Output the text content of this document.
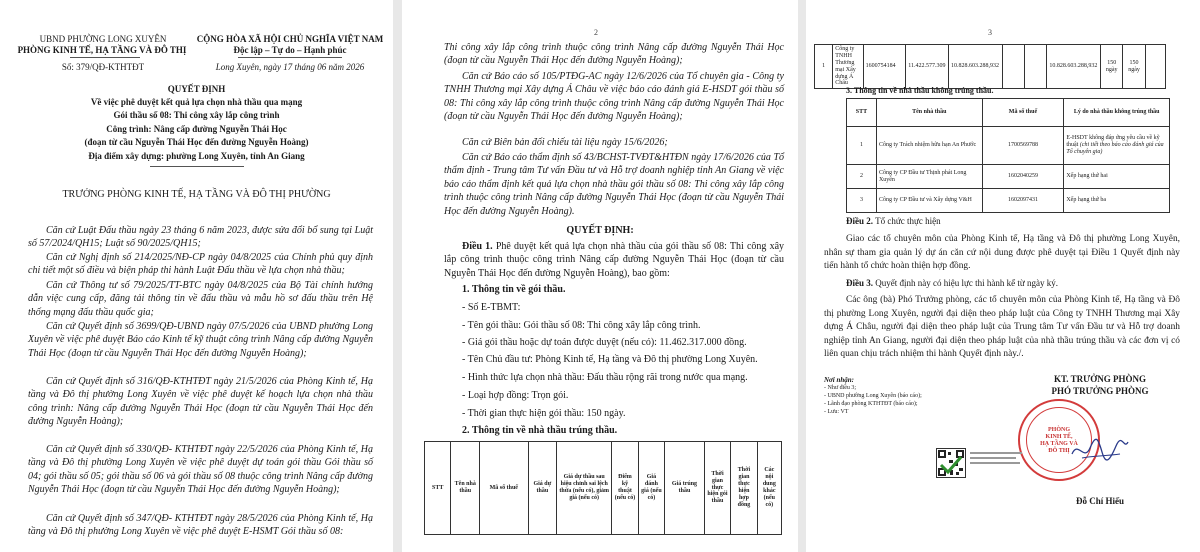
UBND PHƯỜNG LONG XUYÊN
PHÒNG KINH TẾ, HẠ TẦNG VÀ ĐÔ THỊ
Số: 379/QĐ-KTHTĐT
CỘNG HÒA XÃ HỘI CHỦ NGHĨA VIỆT NAM
Độc lập – Tự do – Hạnh phúc
Long Xuyên, ngày 17 tháng 06 năm 2026
QUYẾT ĐỊNH
Về việc phê duyệt kết quả lựa chọn nhà thầu qua mạng
Gói thầu số 08: Thi công xây lắp công trình
Công trình: Nâng cấp đường Nguyễn Thái Học
(đoạn từ cầu Nguyễn Thái Học đến đường Nguyễn Hoàng)
Địa điểm xây dựng: phường Long Xuyên, tỉnh An Giang
TRƯỞNG PHÒNG KINH TẾ, HẠ TẦNG VÀ ĐÔ THỊ PHƯỜNG
Căn cứ Luật Đấu thầu ngày 23 tháng 6 năm 2023, được sửa đổi bổ sung tại Luật số 57/2024/QH15; Luật số 90/2025/QH15;
Căn cứ Nghị định số 214/2025/NĐ-CP ngày 04/8/2025 của Chính phủ quy định chi tiết một số điều và biện pháp thi hành Luật Đấu thầu về lựa chọn nhà thầu;
Căn cứ Thông tư số 79/2025/TT-BTC ngày 04/8/2025 của Bộ Tài chính hướng dẫn việc cung cấp, đăng tải thông tin về đấu thầu và mẫu hồ sơ đấu thầu trên Hệ thống mạng đấu thầu quốc gia;
Căn cứ Quyết định số 3699/QĐ-UBND ngày 07/5/2026 của UBND phường Long Xuyên về việc phê duyệt Báo cáo Kinh tế kỹ thuật công trình Nâng cấp đường Nguyễn Thái Học (đoạn từ cầu Nguyễn Thái Học đến đường Nguyễn Hoàng);
Căn cứ Quyết định số 316/QĐ-KTHTĐT ngày 21/5/2026 của Phòng Kinh tế, Hạ tầng và Đô thị phường Long Xuyên về việc phê duyệt kế hoạch lựa chọn nhà thầu công trình: Nâng cấp đường Nguyễn Thái Học (đoạn từ cầu Nguyễn Thái Học đến đường Nguyễn Hoàng);
Căn cứ Quyết định số 330/QĐ- KTHTĐT ngày 22/5/2026 của Phòng Kinh tế, Hạ tầng và Đô thị phường Long Xuyên về việc phê duyệt dự toán gói thầu Gói thầu số 04; gói thầu số 05; gói thầu số 06 và gói thầu số 08 thuộc công trình Nâng cấp đường Nguyễn Thái Học (đoạn từ cầu Nguyễn Thái Học đến đường Nguyễn Hoàng);
Căn cứ Quyết định số 347/QĐ- KTHTĐT ngày 28/5/2026 của Phòng Kinh tế, Hạ tầng và Đô thị phường Long Xuyên về việc phê duyệt E-HSMT Gói thầu số 08:
2
Thi công xây lắp công trình thuộc công trình Nâng cấp đường Nguyễn Thái Học (đoạn từ cầu Nguyễn Thái Học đến đường Nguyễn Hoàng);
Căn cứ Báo cáo số 105/PTĐG-AC ngày 12/6/2026 của Tổ chuyên gia - Công ty TNHH Thương mại Xây dựng Á Châu về việc báo cáo đánh giá E-HSDT gói thầu số 08: Thi công xây lắp công trình thuộc công trình Nâng cấp đường Nguyễn Thái Học (đoạn từ cầu Nguyễn Thái Học đến đường Nguyễn Hoàng);
Căn cứ Biên bản đối chiếu tài liệu ngày 15/6/2026;
Căn cứ Báo cáo thẩm định số 43/BCHST-TVĐT&HTĐN ngày 17/6/2026 của Tổ thẩm định - Trung tâm Tư vấn Đầu tư và Hỗ trợ doanh nghiệp tỉnh An Giang về việc báo cáo thẩm định kết quả lựa chọn nhà thầu gói thầu số 08: Thi công xây lắp công trình thuộc công trình Nâng cấp đường Nguyễn Thái Học (đoạn từ cầu Nguyễn Thái Học đến đường Nguyễn Hoàng).
QUYẾT ĐỊNH:
Điều 1. Phê duyệt kết quả lựa chọn nhà thầu của gói thầu số 08: Thi công xây lắp công trình thuộc công trình Nâng cấp đường Nguyễn Thái Học (đoạn từ cầu Nguyễn Thái Học đến đường Nguyễn Hoàng), bao gồm:
1. Thông tin về gói thầu.
- Số E-TBMT:
- Tên gói thầu: Gói thầu số 08: Thi công xây lắp công trình.
- Giá gói thầu hoặc dự toán được duyệt (nếu có): 11.462.317.000 đồng.
- Tên Chủ đầu tư: Phòng Kinh tế, Hạ tầng và Đô thị phường Long Xuyên.
- Hình thức lựa chọn nhà thầu: Đấu thầu rộng rãi trong nước qua mạng.
- Loại hợp đồng: Trọn gói.
- Thời gian thực hiện gói thầu: 150 ngày.
2. Thông tin về nhà thầu trúng thầu.
STT	Tên nhà thầu	Mã số thuế	Giá dự thầu	Giá dự thầu sau hiệu chỉnh sai lệch thừa (nếu có), giảm giá (nếu có)	Điểm kỹ thuật (nếu có)	Giá đánh giá (nếu có)	Giá trúng thầu	Thời gian thực hiện gói thầu	Thời gian thực hiện hợp đồng	Các nội dung khác (nếu có)
3
1	Công ty TNHH Thương mại Xây dựng Á Châu	1600754184	11.422.577.309	10.828.603.288,932			10.828.603.288,932	150 ngày	150 ngày	
3. Thông tin về nhà thầu không trúng thầu.
STT	Tên nhà thầu	Mã số thuế	Lý do nhà thầu không trúng thầu
1	Công ty Trách nhiệm hữu hạn An Phước	1700569788	E-HSDT không đáp ứng yêu cầu về kỹ thuật (chi tiết theo báo cáo đánh giá của Tổ chuyên gia)
2	Công ty CP Đầu tư Thịnh phát Long Xuyên	1602040259	Xếp hạng thứ hai
3	Công ty CP Đầu tư và Xây dựng V&H	1602097431	Xếp hạng thứ ba
Điều 2. Tổ chức thực hiện
Giao các tổ chuyên môn của Phòng Kinh tế, Hạ tầng và Đô thị phường Long Xuyên, nhân sự tham gia quản lý dự án căn cứ nội dung được phê duyệt tại Điều 1 Quyết định này tiến hành tổ chức hoàn thiện hợp đồng.
Điều 3. Quyết định này có hiệu lực thi hành kể từ ngày ký.
Các ông (bà) Phó Trưởng phòng, các tổ chuyên môn của Phòng Kinh tế, Hạ tầng và Đô thị phường Long Xuyên, người đại diện theo pháp luật của Công ty TNHH Thương mại Xây dựng Á Châu, người đại diện theo pháp luật của Trung tâm Tư vấn Đầu tư và Hỗ trợ doanh nghiệp tỉnh An Giang, người đại diện theo pháp luật của nhà thầu trúng thầu và các đơn vị có liên quan chịu trách nhiệm thi hành Quyết định này./.
Nơi nhận:
- Như điều 3;
- UBND phường Long Xuyên (báo cáo);
- Lãnh đạo phòng KTHTĐT (báo cáo);
- Lưu: VT
KT. TRƯỞNG PHÒNG
PHÓ TRƯỞNG PHÒNG
PHÒNG
KINH TẾ,
HẠ TẦNG VÀ
ĐÔ THỊ
Đỗ Chí Hiếu
